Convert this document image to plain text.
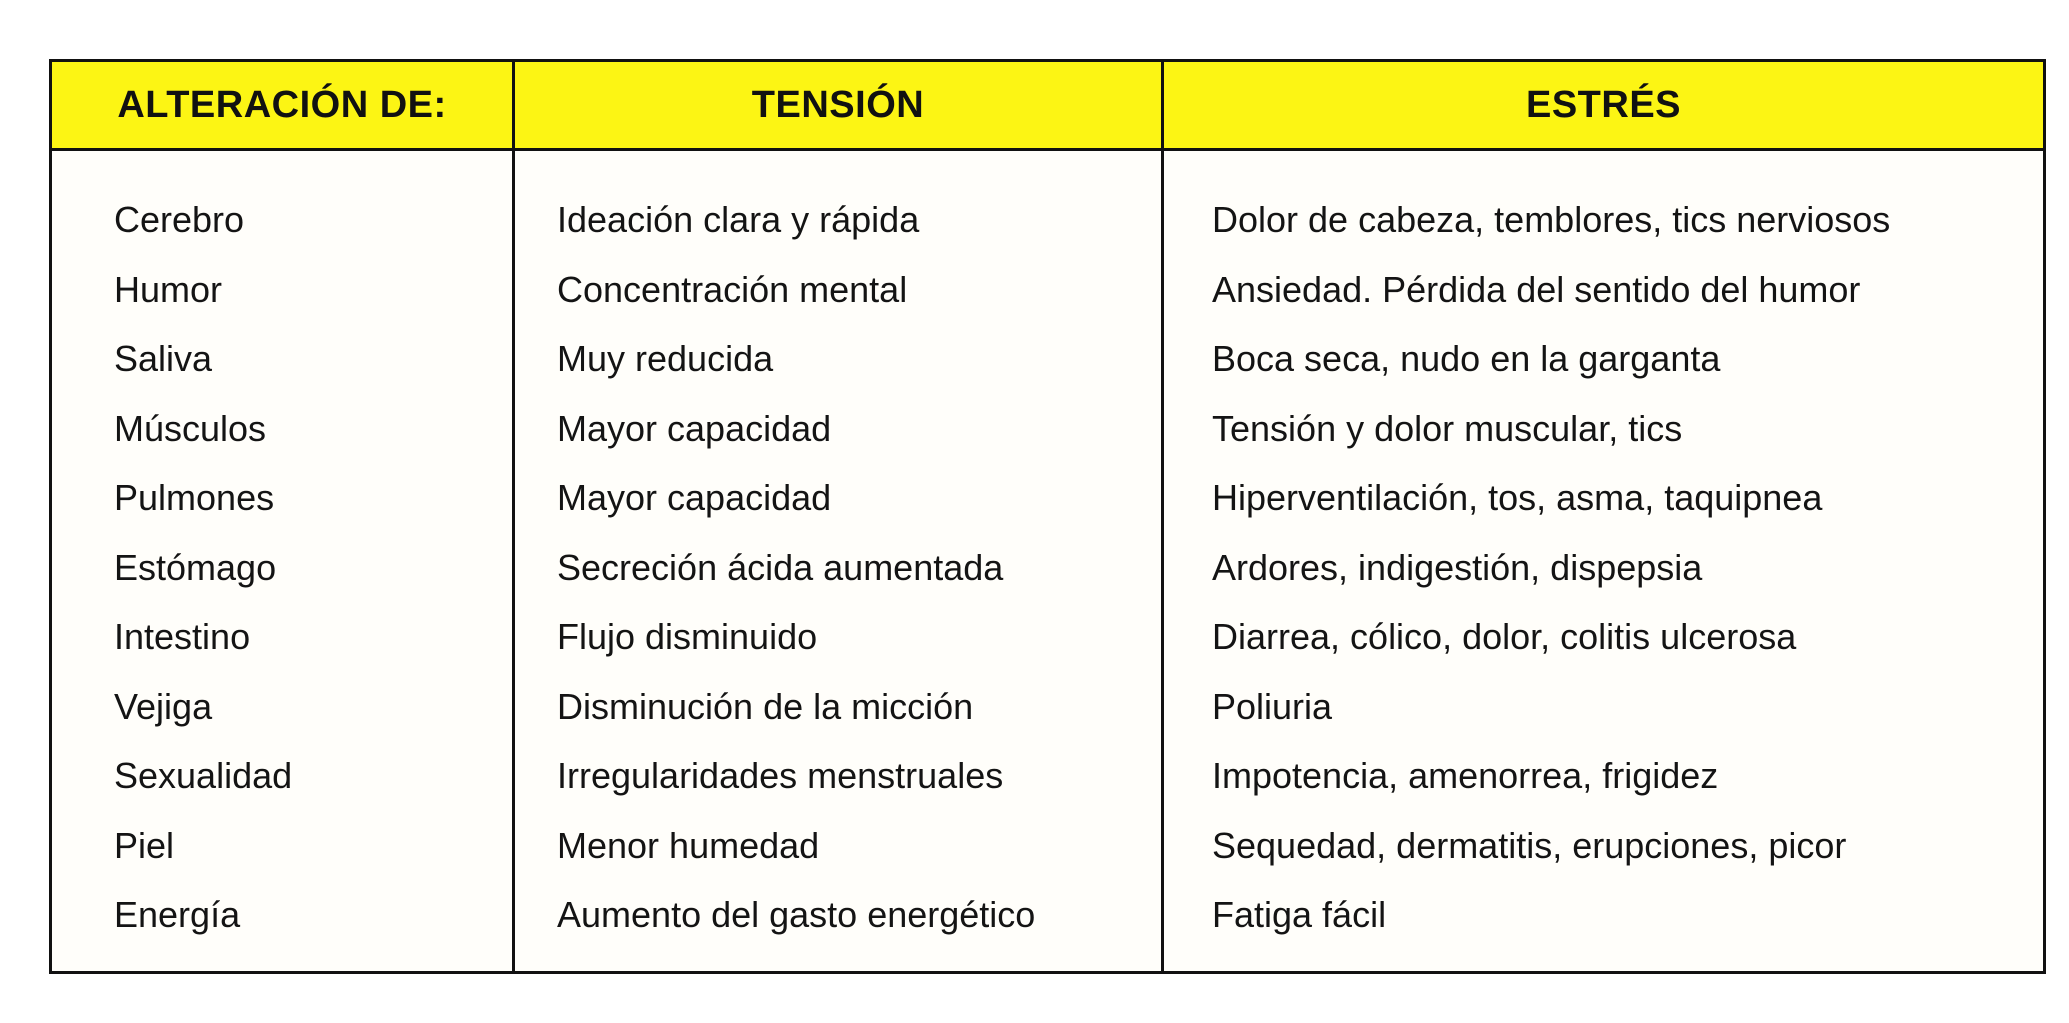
ALTERACIÓN DE:	TENSIÓN	ESTRÉS
Cerebro
Humor
Saliva
Músculos
Pulmones
Estómago
Intestino
Vejiga
Sexualidad
Piel
Energía
Ideación clara y rápida
Concentración mental
Muy reducida
Mayor capacidad
Mayor capacidad
Secreción ácida aumentada
Flujo disminuido
Disminución de la micción
Irregularidades menstruales
Menor humedad
Aumento del gasto energético
Dolor de cabeza, temblores, tics nerviosos
Ansiedad. Pérdida del sentido del humor
Boca seca, nudo en la garganta
Tensión y dolor muscular, tics
Hiperventilación, tos, asma, taquipnea
Ardores, indigestión, dispepsia
Diarrea, cólico, dolor, colitis ulcerosa
Poliuria
Impotencia, amenorrea, frigidez
Sequedad, dermatitis, erupciones, picor
Fatiga fácil
